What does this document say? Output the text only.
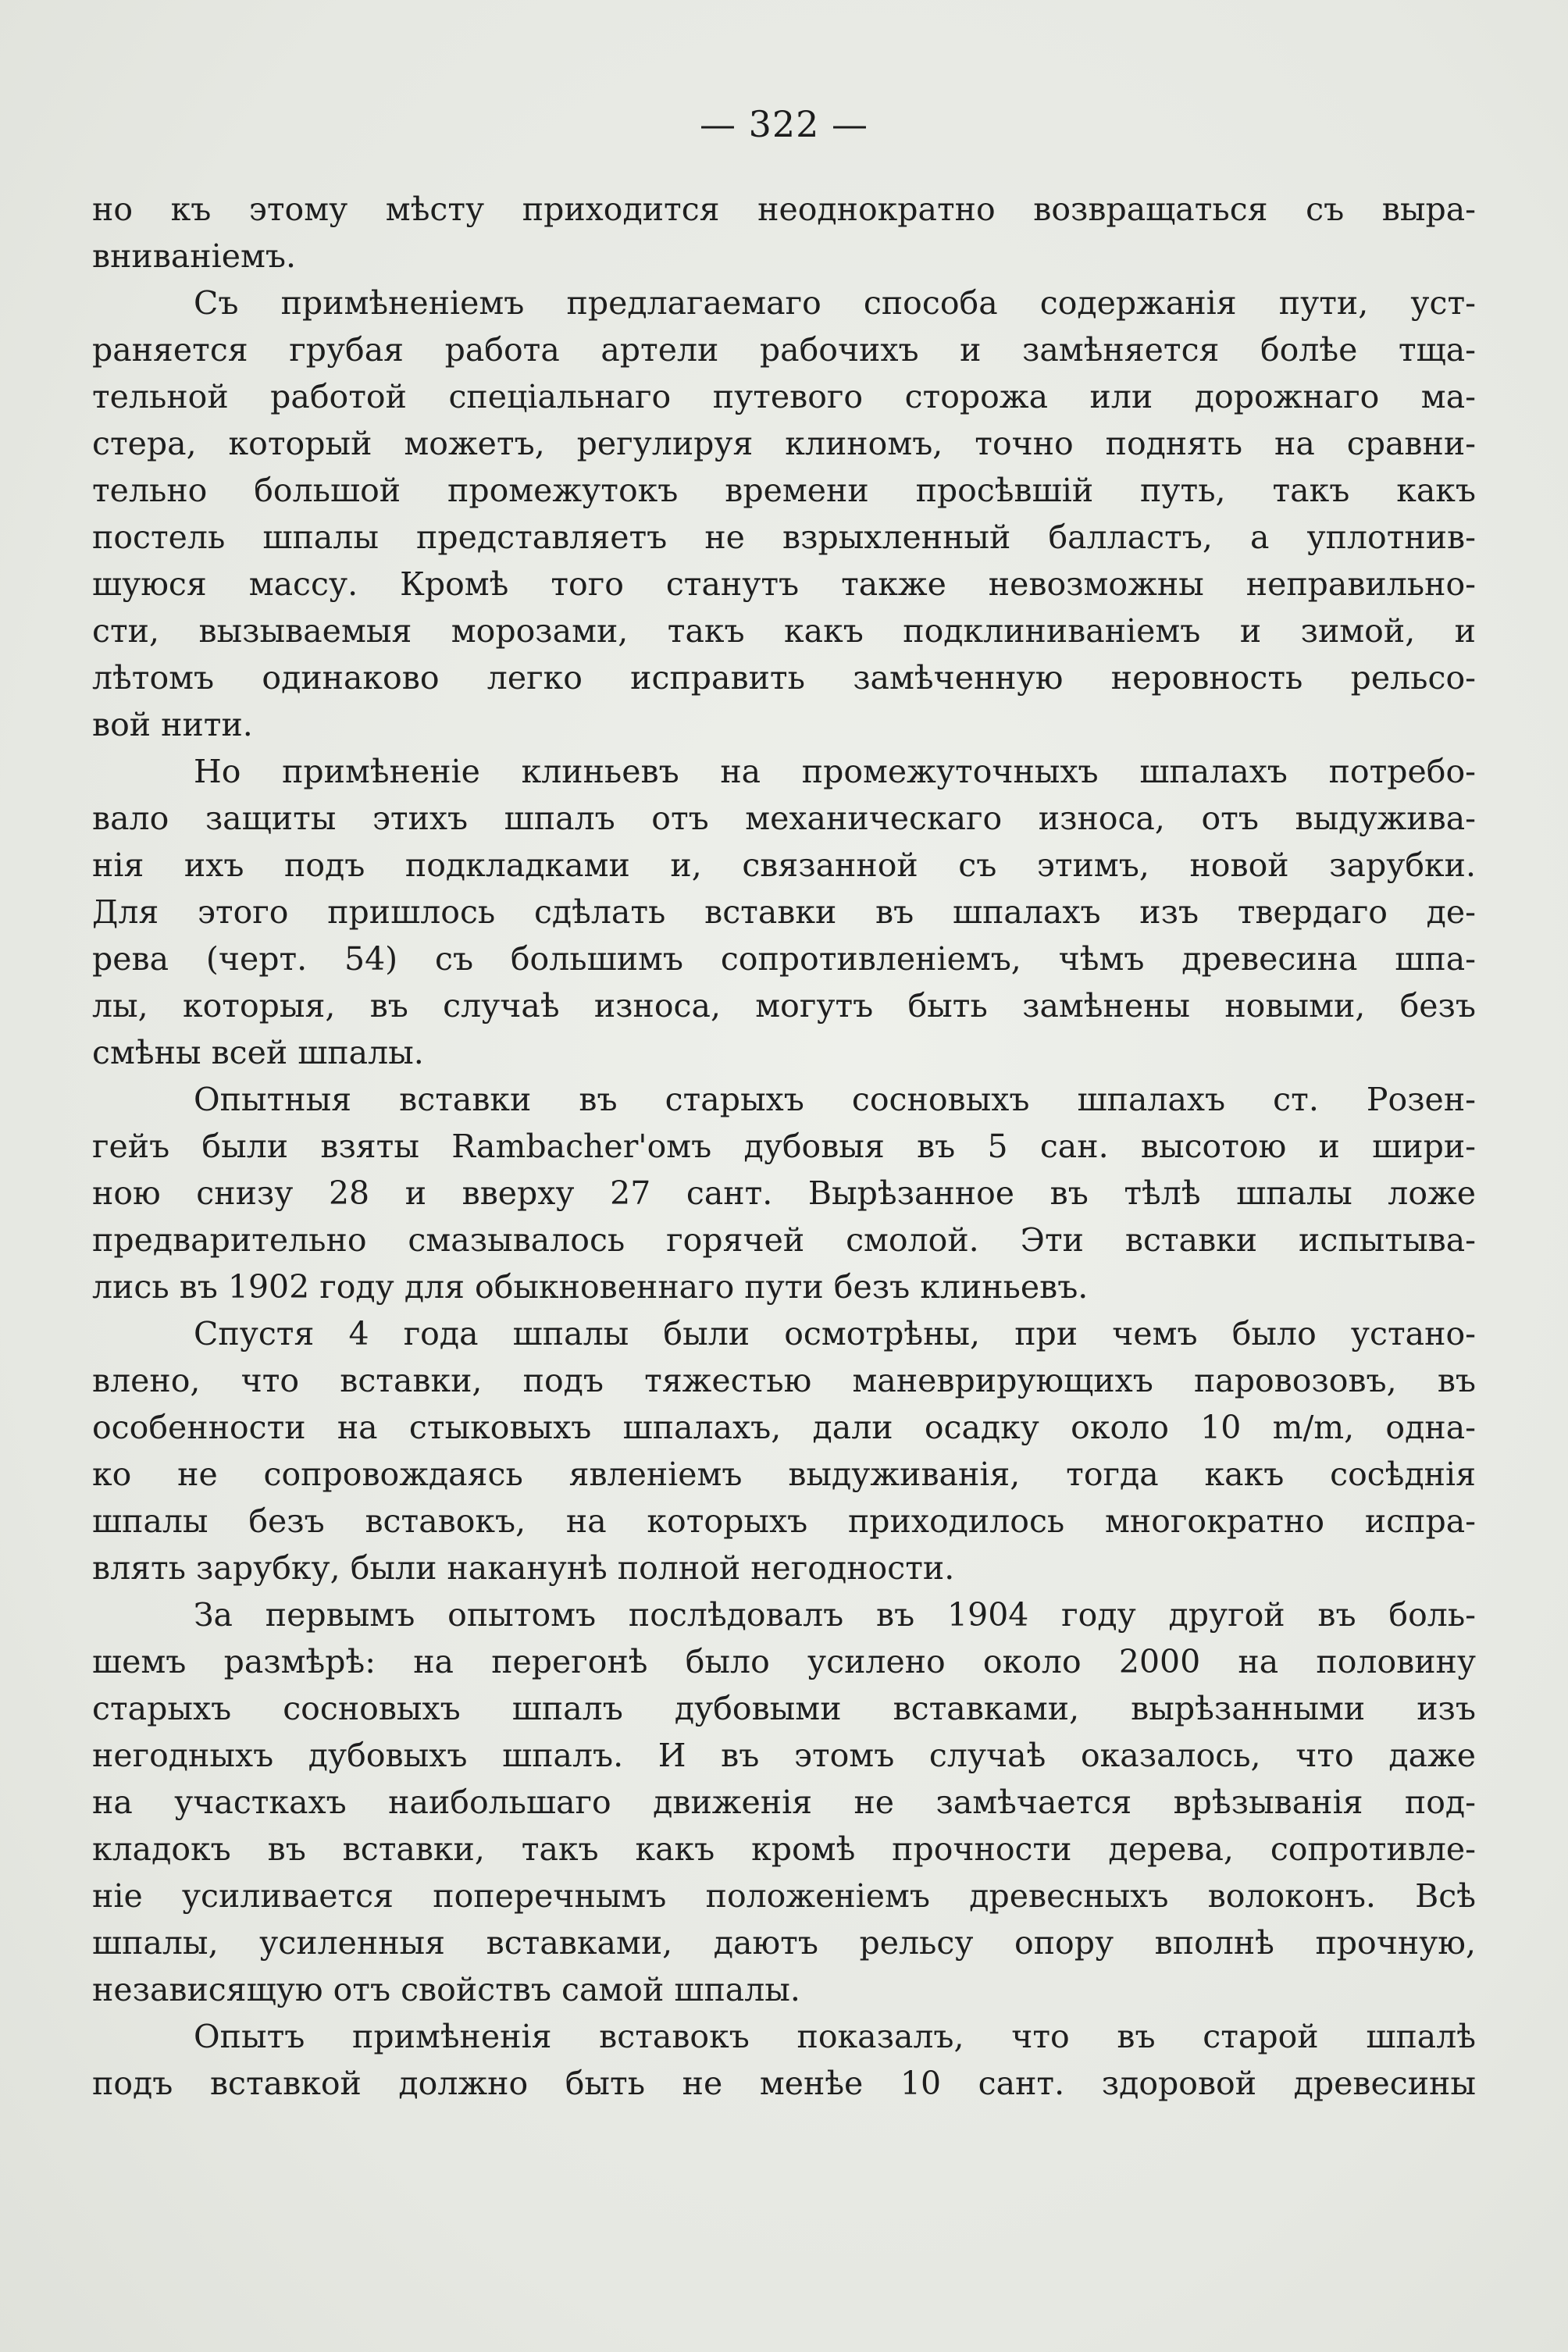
— 322 —
но къ этому мѣсту приходится неоднократно возвращаться съ выра-
вниваніемъ.
Съ примѣненіемъ предлагаемаго способа содержанія пути, уст-
раняется грубая работа артели рабочихъ и замѣняется болѣе тща-
тельной работой спеціальнаго путевого сторожа или дорожнаго ма-
стера, который можетъ, регулируя клиномъ, точно поднять на сравни-
тельно большой промежутокъ времени просѣвшій путь, такъ какъ
постель шпалы представляетъ не взрыхленный балластъ, а уплотнив-
шуюся массу. Кромѣ того станутъ также невозможны неправильно-
сти, вызываемыя морозами, такъ какъ подклиниваніемъ и зимой, и
лѣтомъ одинаково легко исправить замѣченную неровность рельсо-
вой нити.
Но примѣненіе клиньевъ на промежуточныхъ шпалахъ потребо-
вало защиты этихъ шпалъ отъ механическаго износа, отъ выдуживa-
нія ихъ подъ подкладками и, связанной съ этимъ, новой зарубки.
Для этого пришлось сдѣлать вставки въ шпалахъ изъ твердаго де-
рева (черт. 54) съ большимъ сопротивленіемъ, чѣмъ древесина шпа-
лы, которыя, въ случаѣ износа, могутъ быть замѣнены новыми, безъ
смѣны всей шпалы.
Опытныя вставки въ старыхъ сосновыхъ шпалахъ ст. Розен-
гейъ были взяты Rambacher'омъ дубовыя въ 5 сан. высотою и шири-
ною снизу 28 и вверху 27 сант. Вырѣзанное въ тѣлѣ шпалы ложе
предварительно смазывалось горячей смолой. Эти вставки испытыва-
лись въ 1902 году для обыкновеннаго пути безъ клиньевъ.
Спустя 4 года шпалы были осмотрѣны, при чемъ было устано-
влено, что вставки, подъ тяжестью маневрирующихъ паровозовъ, въ
особенности на стыковыхъ шпалахъ, дали осадку около 10 m/m, одна-
ко не сопровождаясь явленіемъ выдуживанія, тогда какъ сосѣднія
шпалы безъ вставокъ, на которыхъ приходилось многократно испра-
влять зарубку, были наканунѣ полной негодности.
За первымъ опытомъ послѣдовалъ въ 1904 году другой въ боль-
шемъ размѣрѣ: на перегонѣ было усилено около 2000 на половину
старыхъ сосновыхъ шпалъ дубовыми вставками, вырѣзанными изъ
негодныхъ дубовыхъ шпалъ. И въ этомъ случаѣ оказалось, что даже
на участкахъ наибольшаго движенія не замѣчается врѣзыванія под-
кладокъ въ вставки, такъ какъ кромѣ прочности дерева, сопротивле-
ніе усиливается поперечнымъ положеніемъ древесныхъ волоконъ. Всѣ
шпалы, усиленныя вставками, даютъ рельсу опору вполнѣ прочную,
независящую отъ свойствъ самой шпалы.
Опытъ примѣненія вставокъ показалъ, что въ старой шпалѣ
подъ вставкой должно быть не менѣе 10 сант. здоровой древесины
